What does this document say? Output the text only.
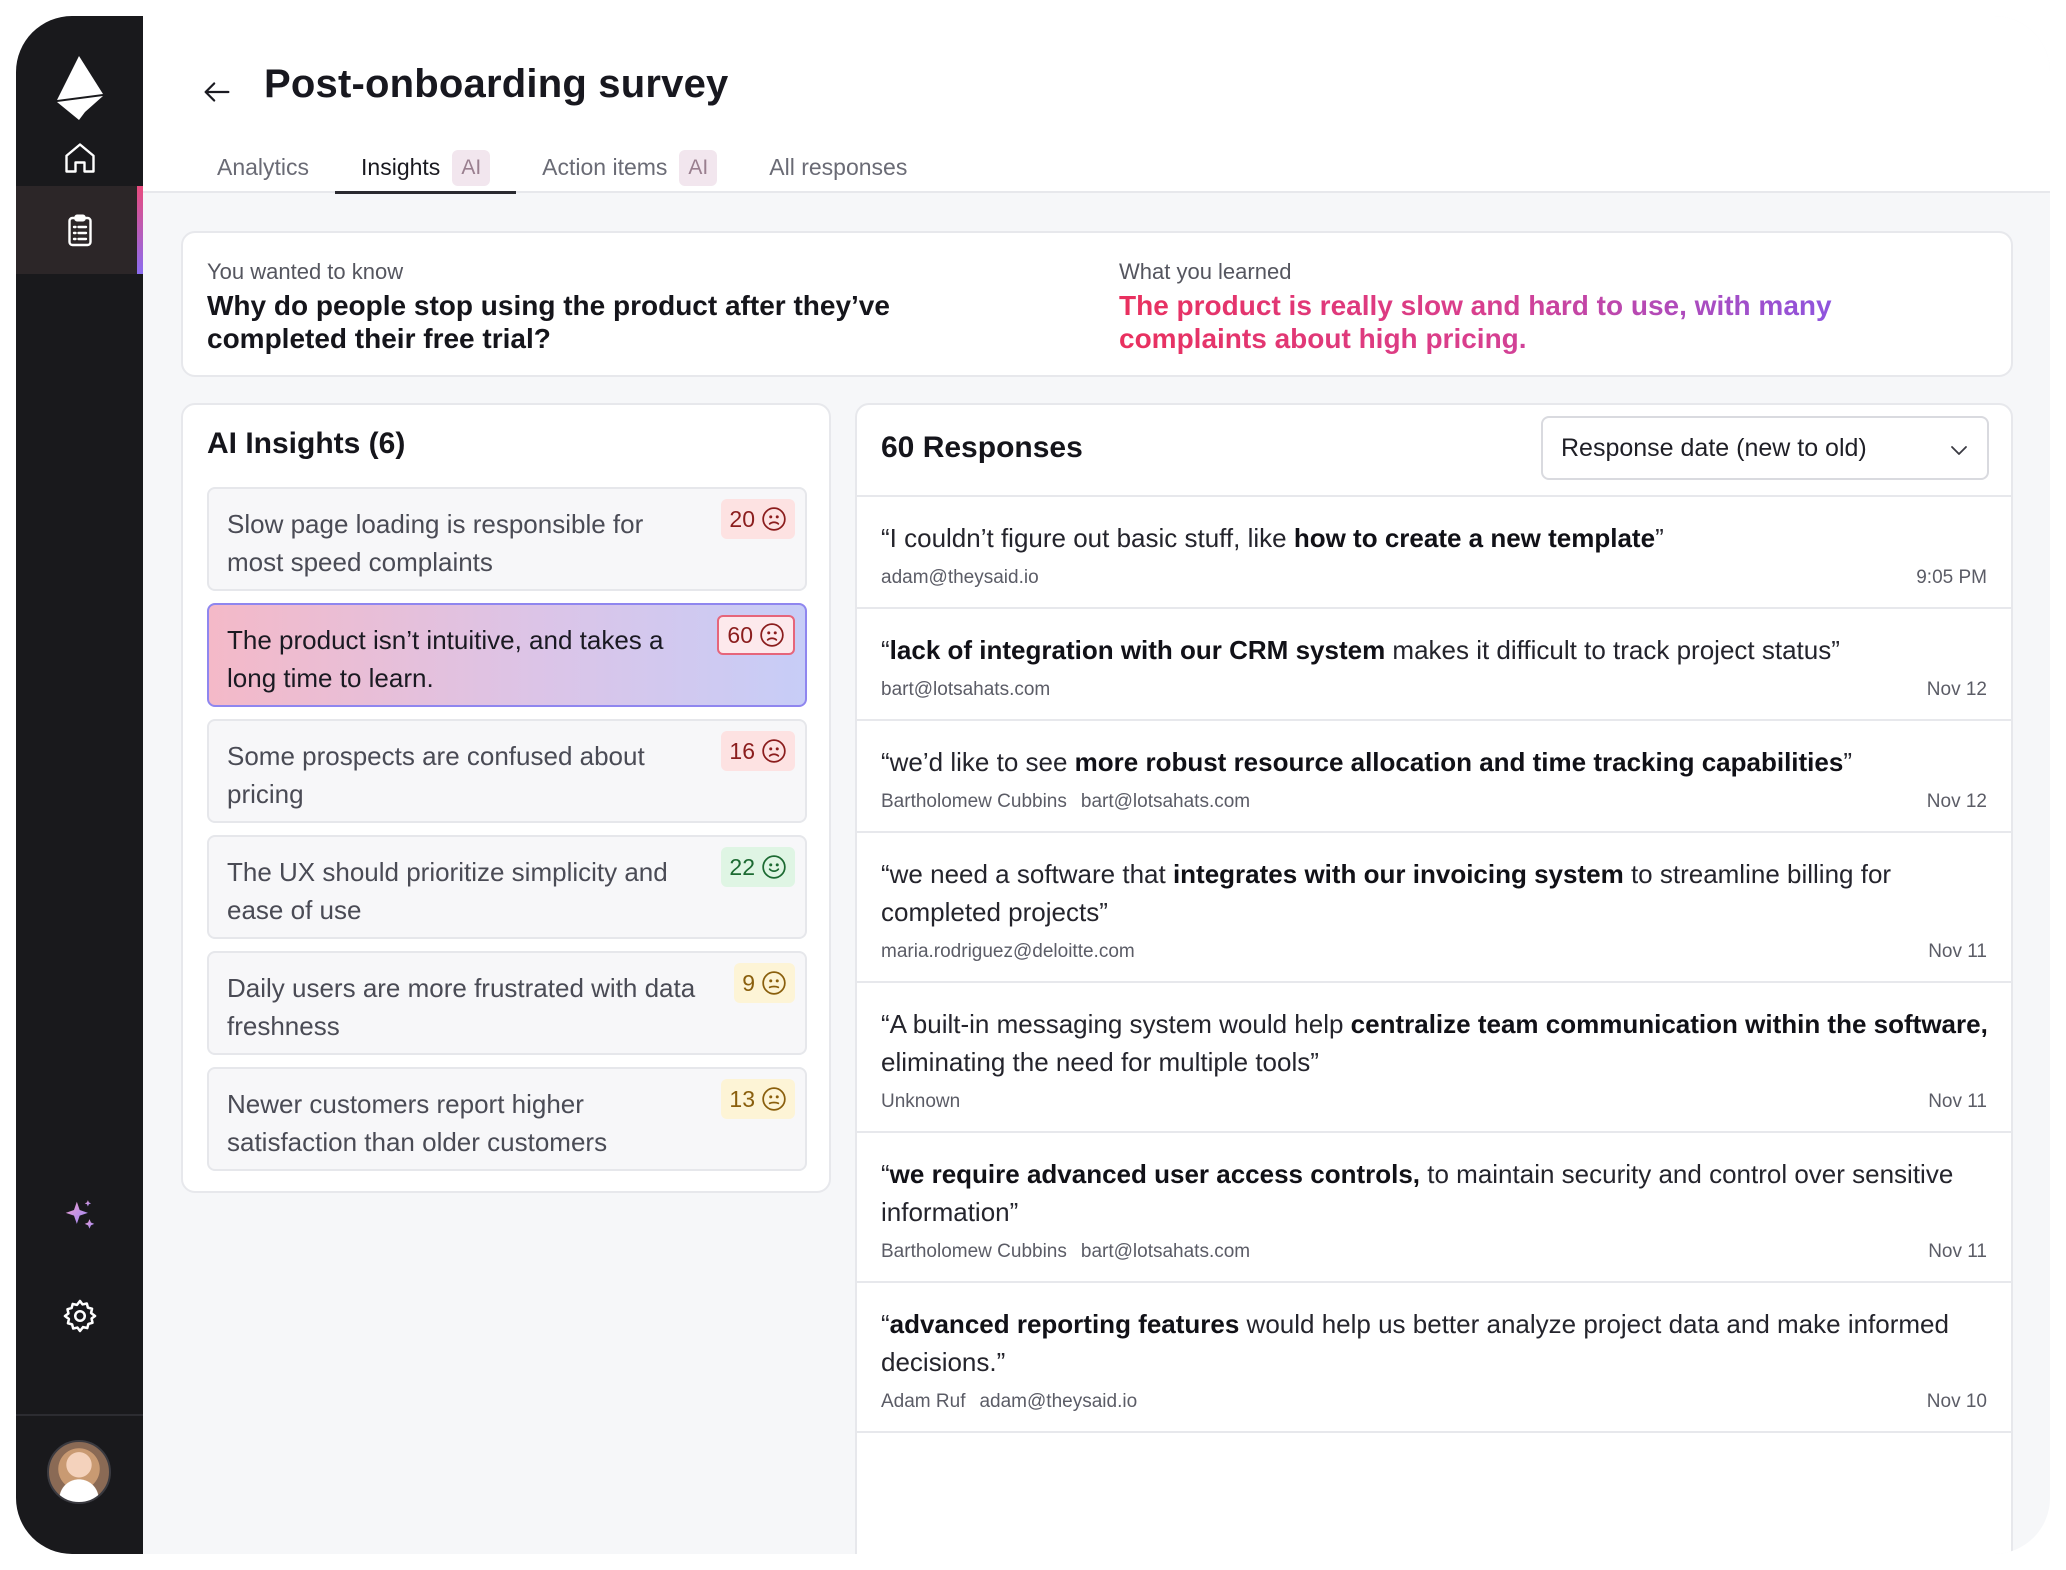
Post-onboarding survey
Analytics Insights	AI	Action items	AI	All responses
You wanted to know
Why do people stop using the product after they’ve completed their free trial?
What you learned
The product is really slow and hard to use, with many complaints about high pricing.
AI Insights (6)
Slow page loading is responsible for most speed complaints
20
The product isn’t intuitive, and takes a long time to learn.
60
Some prospects are confused about pricing
16
The UX should prioritize simplicity and ease of use
22
Daily users are more frustrated with data freshness
9
Newer customers report higher satisfaction than older customers
13
60 Responses	Response date (new to old)
“I couldn’t figure out basic stuff, like how to create a new template”
adam@theysaid.io	9:05 PM
“lack of integration with our CRM system makes it difficult to track project status”
bart@lotsahats.com	Nov 12
“we’d like to see more robust resource allocation and time tracking capabilities”
Bartholomew Cubbins bart@lotsahats.com	Nov 12
“we need a software that integrates with our invoicing system to streamline billing for completed projects”
maria.rodriguez@deloitte.com	Nov 11
“A built-in messaging system would help centralize team communication within the software, eliminating the need for multiple tools”
Unknown	Nov 11
“we require advanced user access controls, to maintain security and control over sensitive information”
Bartholomew Cubbins bart@lotsahats.com	Nov 11
“advanced reporting features would help us better analyze project data and make informed decisions.”
Adam Ruf adam@theysaid.io	Nov 10
